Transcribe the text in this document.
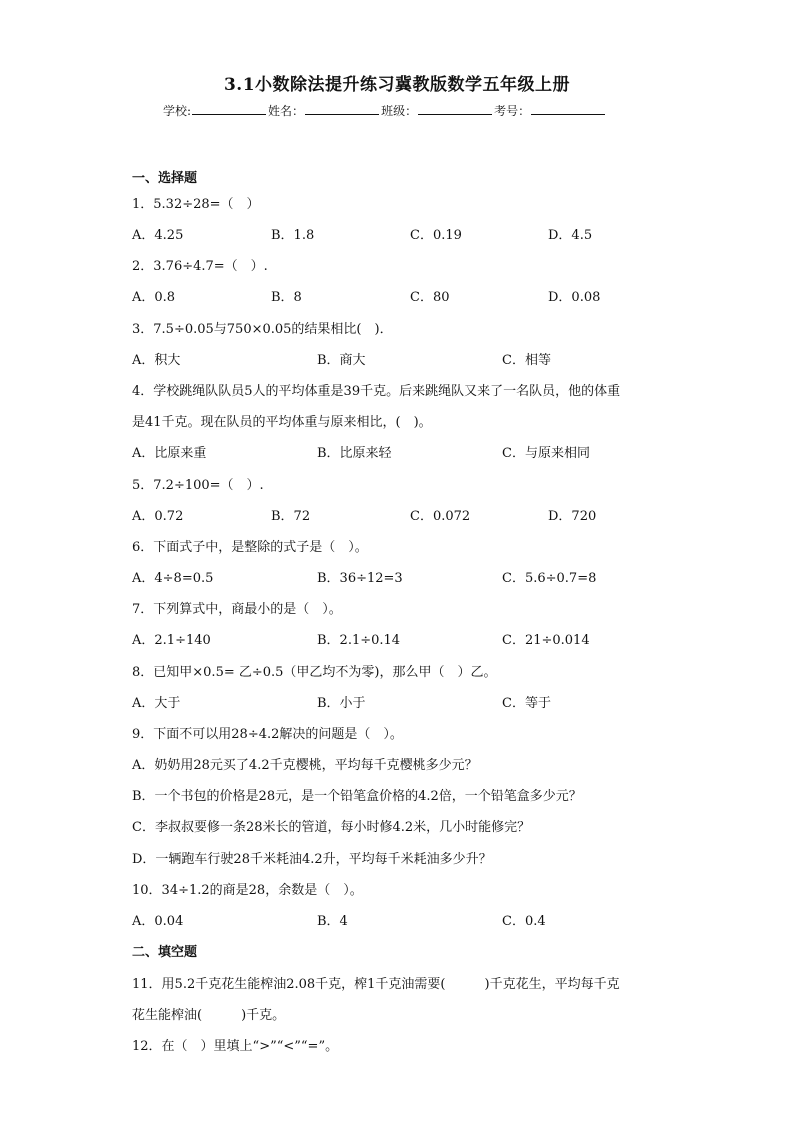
3.1小数除法提升练习冀教版数学五年级上册
学校:	姓名：	班级：	考号：
一、选择题
1．5.32÷28=（　）
A．4.25	B．1.8	C．0.19	D．4.5
2．3.76÷4.7=（　）.
A．0.8	B．8	C．80	D．0.08
3．7.5÷0.05与750×0.05的结果相比(　)．
A．积大	B．商大	C．相等
4．学校跳绳队队员5人的平均体重是39千克。后来跳绳队又来了一名队员，他的体重
是41千克。现在队员的平均体重与原来相比，(　)。
A．比原来重	B．比原来轻	C．与原来相同
5．7.2÷100=（　）.
A．0.72	B．72	C．0.072	D．720
6．下面式子中，是整除的式子是（　）。
A．4÷8=0.5	B．36÷12=3	C．5.6÷0.7=8
7．下列算式中，商最小的是（　）。
A．2.1÷140	B．2.1÷0.14	C．21÷0.014
8．已知甲×0.5= 乙÷0.5（甲乙均不为零)，那么甲（　）乙。
A．大于	B．小于	C．等于
9．下面不可以用28÷4.2解决的问题是（　）。
A．奶奶用28元买了4.2千克樱桃，平均每千克樱桃多少元？
B．一个书包的价格是28元，是一个铅笔盒价格的4.2倍，一个铅笔盒多少元？
C．李叔叔要修一条28米长的管道，每小时修4.2米，几小时能修完？
D．一辆跑车行驶28千米耗油4.2升，平均每千米耗油多少升？
10．34÷1.2的商是28，余数是（　）。
A．0.04	B．4	C．0.4
二、填空题
11．用5.2千克花生能榨油2.08千克，榨1千克油需要(　　　)千克花生，平均每千克
花生能榨油(　　　)千克。
12．在（　）里填上“>”“<”“=”。
